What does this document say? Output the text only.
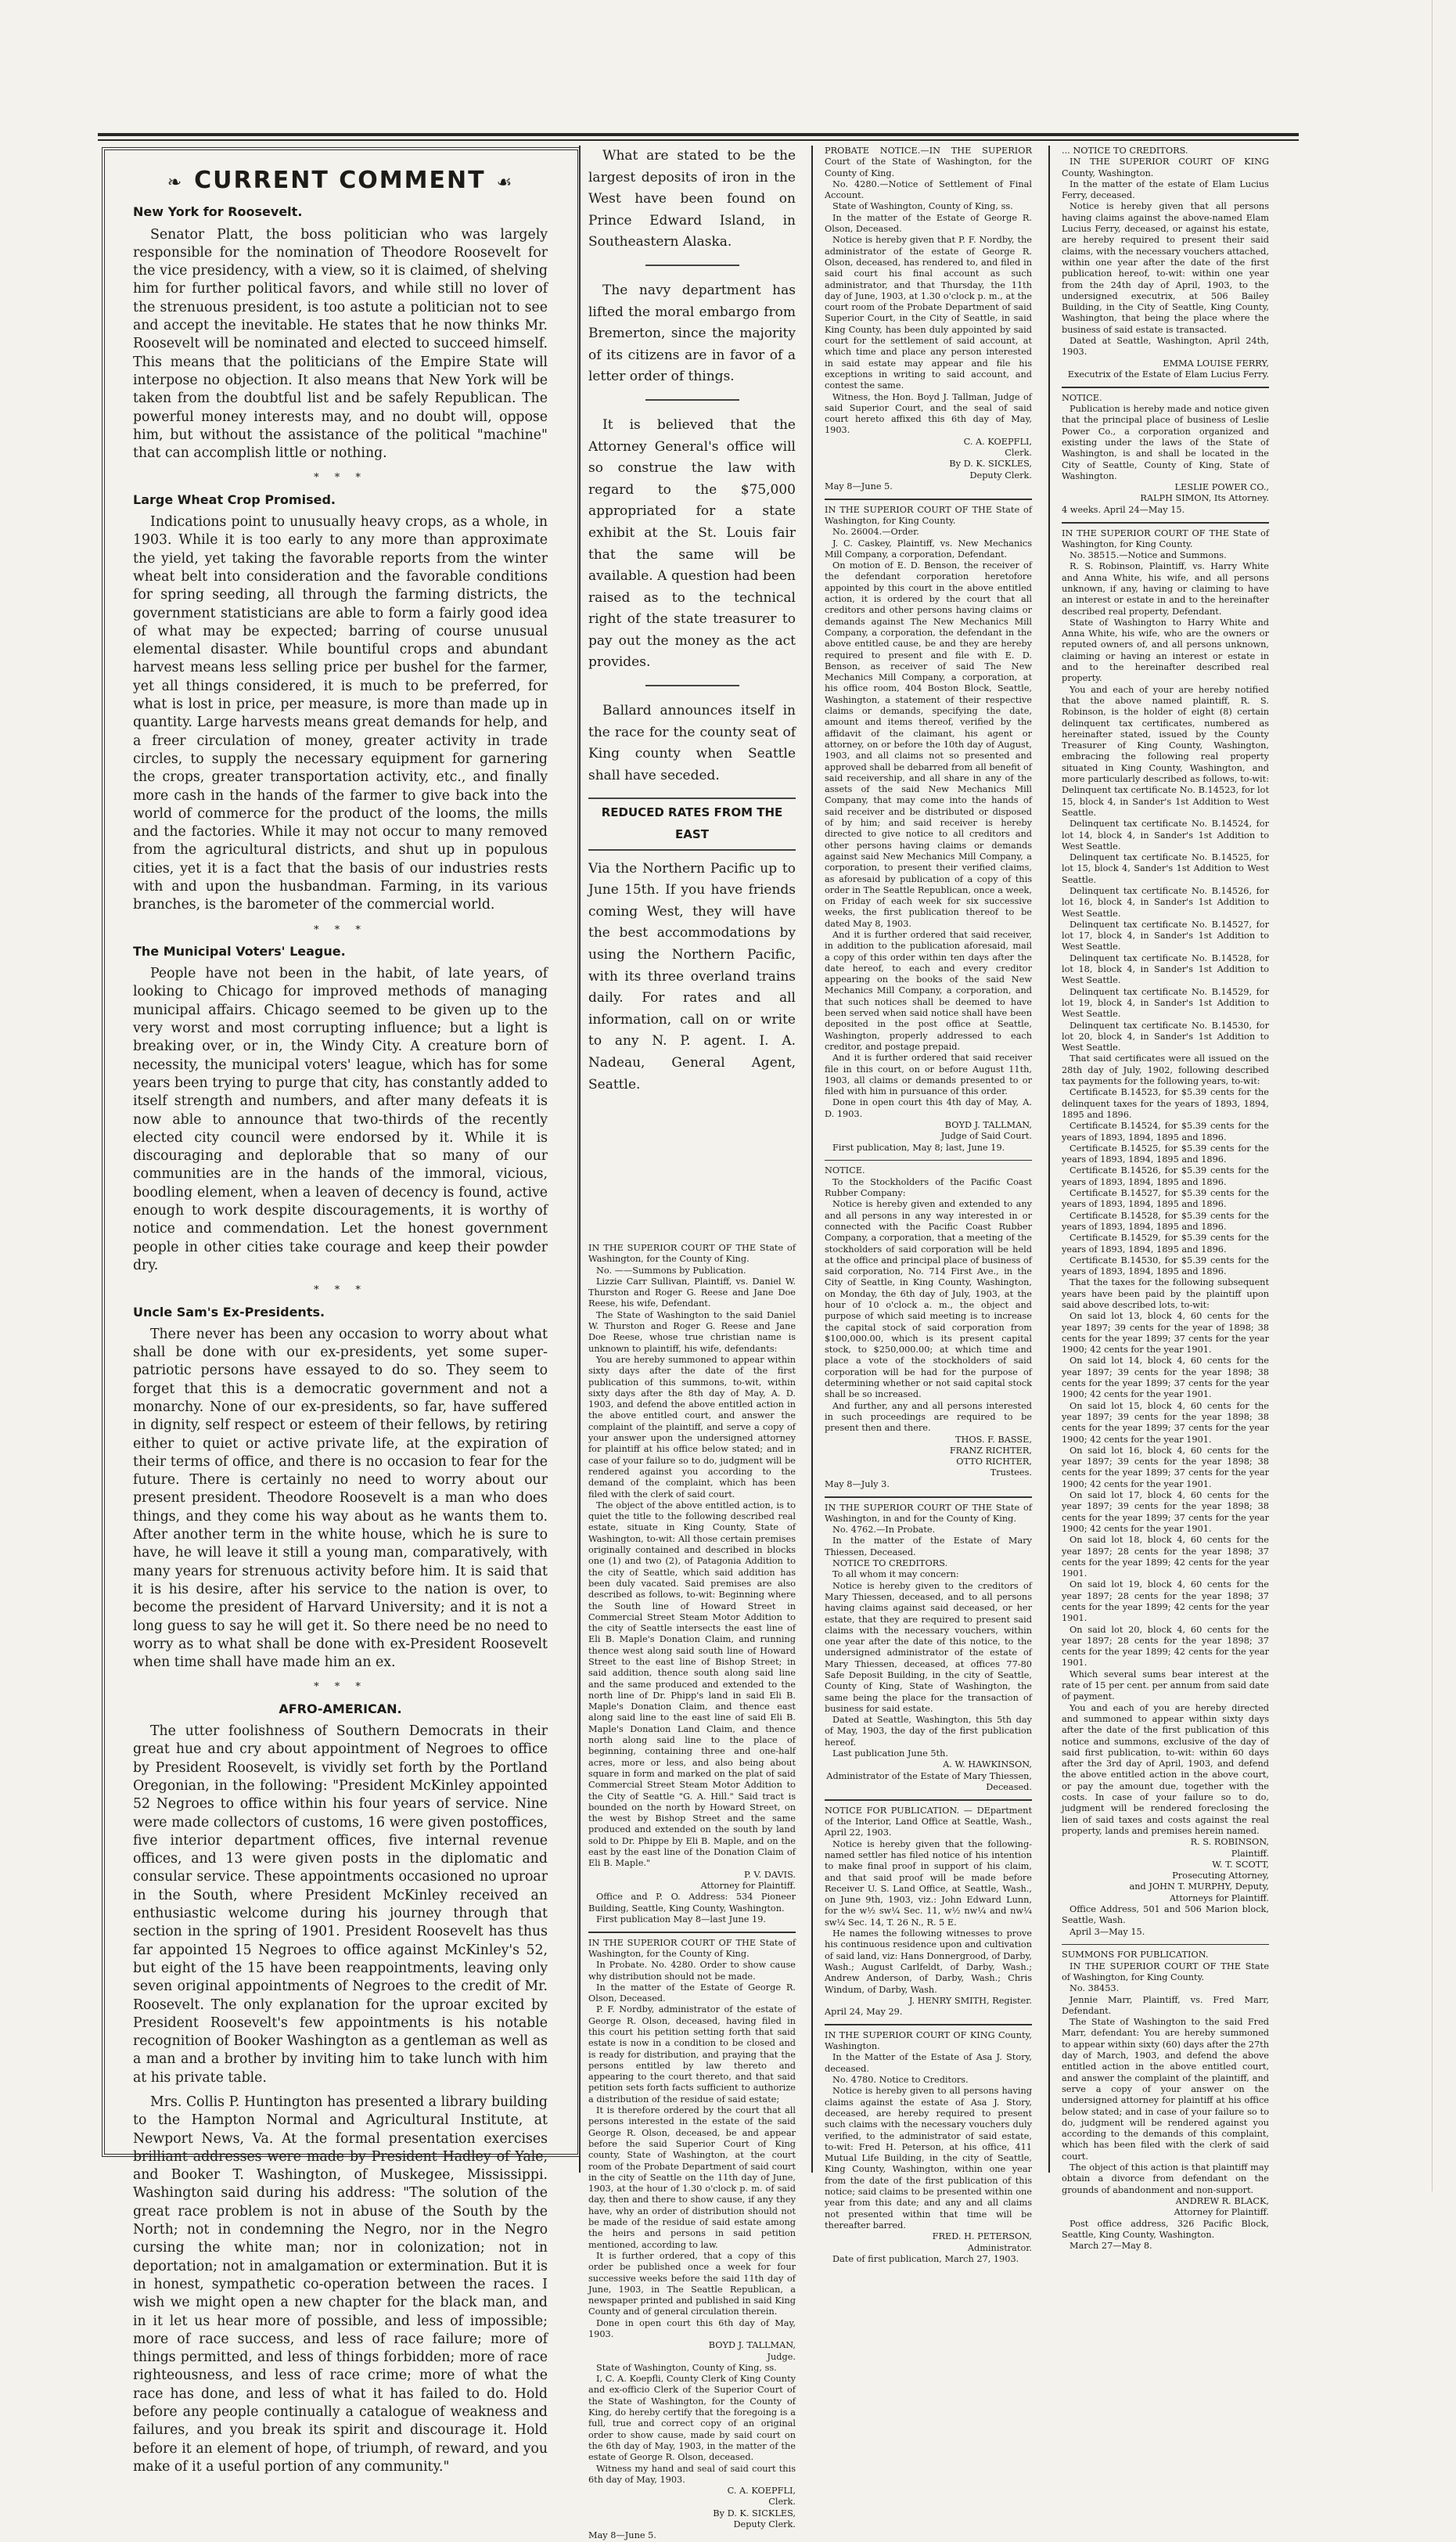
❧ CURRENT COMMENT ☙
New York for Roosevelt.

Senator Platt, the boss politician who was largely responsible for the nomination of Theodore Roosevelt for the vice presidency, with a view, so it is claimed, of shelving him for further political favors, and while still no lover of the strenuous president, is too astute a politician not to see and accept the inevitable. He states that he now thinks Mr. Roosevelt will be nominated and elected to succeed himself. This means that the politicians of the Empire State will interpose no objection. It also means that New York will be taken from the doubtful list and be safely Republican. The powerful money interests may, and no doubt will, oppose him, but without the assistance of the political "machine" that can accomplish little or nothing.

* * *
Large Wheat Crop Promised.

Indications point to unusually heavy crops, as a whole, in 1903. While it is too early to any more than approximate the yield, yet taking the favorable reports from the winter wheat belt into consideration and the favorable conditions for spring seeding, all through the farming districts, the government statisticians are able to form a fairly good idea of what may be expected; barring of course unusual elemental disaster. While bountiful crops and abundant harvest means less selling price per bushel for the farmer, yet all things considered, it is much to be preferred, for what is lost in price, per measure, is more than made up in quantity. Large harvests means great demands for help, and a freer circulation of money, greater activity in trade circles, to supply the necessary equipment for garnering the crops, greater transportation activity, etc., and finally more cash in the hands of the farmer to give back into the world of commerce for the product of the looms, the mills and the factories. While it may not occur to many removed from the agricultural districts, and shut up in populous cities, yet it is a fact that the basis of our industries rests with and upon the husbandman. Farming, in its various branches, is the barometer of the commercial world.

* * *
The Municipal Voters' League.

People have not been in the habit, of late years, of looking to Chicago for improved methods of managing municipal affairs. Chicago seemed to be given up to the very worst and most corrupting influence; but a light is breaking over, or in, the Windy City. A creature born of necessity, the municipal voters' league, which has for some years been trying to purge that city, has constantly added to itself strength and numbers, and after many defeats it is now able to announce that two-thirds of the recently elected city council were endorsed by it. While it is discouraging and deplorable that so many of our communities are in the hands of the immoral, vicious, boodling element, when a leaven of decency is found, active enough to work despite discouragements, it is worthy of notice and commendation. Let the honest government people in other cities take courage and keep their powder dry.

* * *
Uncle Sam's Ex-Presidents.

There never has been any occasion to worry about what shall be done with our ex-presidents, yet some super-patriotic persons have essayed to do so. They seem to forget that this is a democratic government and not a monarchy. None of our ex-presidents, so far, have suffered in dignity, self respect or esteem of their fellows, by retiring either to quiet or active private life, at the expiration of their terms of office, and there is no occasion to fear for the future. There is certainly no need to worry about our present president. Theodore Roosevelt is a man who does things, and they come his way about as he wants them to. After another term in the white house, which he is sure to have, he will leave it still a young man, comparatively, with many years for strenuous activity before him. It is said that it is his desire, after his service to the nation is over, to become the president of Harvard University; and it is not a long guess to say he will get it. So there need be no need to worry as to what shall be done with ex-President Roosevelt when time shall have made him an ex.

* * *
AFRO-AMERICAN.

The utter foolishness of Southern Democrats in their great hue and cry about appointment of Negroes to office by President Roosevelt, is vividly set forth by the Portland Oregonian, in the following: "President McKinley appointed 52 Negroes to office within his four years of service. Nine were made collectors of customs, 16 were given postoffices, five interior department offices, five internal revenue offices, and 13 were given posts in the diplomatic and consular service. These appointments occasioned no uproar in the South, where President McKinley received an enthusiastic welcome during his journey through that section in the spring of 1901. President Roosevelt has thus far appointed 15 Negroes to office against McKinley's 52, but eight of the 15 have been reappointments, leaving only seven original appointments of Negroes to the credit of Mr. Roosevelt. The only explanation for the uproar excited by President Roosevelt's few appointments is his notable recognition of Booker Washington as a gentleman as well as a man and a brother by inviting him to take lunch with him at his private table.

Mrs. Collis P. Huntington has presented a library building to the Hampton Normal and Agricultural Institute, at Newport News, Va. At the formal presentation exercises brilliant addresses were made by President Hadley of Yale, and Booker T. Washington, of Muskegee, Mississippi. Washington said during his address: "The solution of the great race problem is not in abuse of the South by the North; not in condemning the Negro, nor in the Negro cursing the white man; nor in colonization; not in deportation; not in amalgamation or extermination. But it is in honest, sympathetic co-operation between the races. I wish we might open a new chapter for the black man, and in it let us hear more of possible, and less of impossible; more of race success, and less of race failure; more of things permitted, and less of things forbidden; more of race righteousness, and less of race crime; more of what the race has done, and less of what it has failed to do. Hold before any people continually a catalogue of weakness and failures, and you break its spirit and discourage it. Hold before it an element of hope, of triumph, of reward, and you make of it a useful portion of any community."

What are stated to be the largest deposits of iron in the West have been found on Prince Edward Island, in Southeastern Alaska.

The navy department has lifted the moral embargo from Bremerton, since the majority of its citizens are in favor of a letter order of things.

It is believed that the Attorney General's office will so construe the law with regard to the $75,000 appropriated for a state exhibit at the St. Louis fair that the same will be available. A question had been raised as to the technical right of the state treasurer to pay out the money as the act provides.

Ballard announces itself in the race for the county seat of King county when Seattle shall have seceded.

REDUCED RATES FROM THE EAST

Via the Northern Pacific up to June 15th. If you have friends coming West, they will have the best accommodations by using the Northern Pacific, with its three overland trains daily. For rates and all information, call on or write to any N. P. agent. I. A. Nadeau, General Agent, Seattle.

IN THE SUPERIOR COURT OF THE State of Washington, for the County of King.

No. ——Summons by Publication.

Lizzie Carr Sullivan, Plaintiff, vs. Daniel W. Thurston and Roger G. Reese and Jane Doe Reese, his wife, Defendant.

The State of Washington to the said Daniel W. Thurston and Roger G. Reese and Jane Doe Reese, whose true christian name is unknown to plaintiff, his wife, defendants:

You are hereby summoned to appear within sixty days after the date of the first publication of this summons, to-wit, within sixty days after the 8th day of May, A. D. 1903, and defend the above entitled action in the above entitled court, and answer the complaint of the plaintiff, and serve a copy of your answer upon the undersigned attorney for plaintiff at his office below stated; and in case of your failure so to do, judgment will be rendered against you according to the demand of the complaint, which has been filed with the clerk of said court.

The object of the above entitled action, is to quiet the title to the following described real estate, situate in King County, State of Washington, to-wit: All those certain premises originally contained and described in blocks one (1) and two (2), of Patagonia Addition to the city of Seattle, which said addition has been duly vacated. Said premises are also described as follows, to-wit: Beginning where the South line of Howard Street in Commercial Street Steam Motor Addition to the city of Seattle intersects the east line of Eli B. Maple's Donation Claim, and running thence west along said south line of Howard Street to the east line of Bishop Street; in said addition, thence south along said line and the same produced and extended to the north line of Dr. Phipp's land in said Eli B. Maple's Donation Claim, and thence east along said line to the east line of said Eli B. Maple's Donation Land Claim, and thence north along said line to the place of beginning, containing three and one-half acres, more or less, and also being about square in form and marked on the plat of said Commercial Street Steam Motor Addition to the City of Seattle "G. A. Hill." Said tract is bounded on the north by Howard Street, on the west by Bishop Street and the same produced and extended on the south by land sold to Dr. Phippe by Eli B. Maple, and on the east by the east line of the Donation Claim of Eli B. Maple."

P. V. DAVIS.

Attorney for Plaintiff.

Office and P. O. Address: 534 Pioneer Building, Seattle, King County, Washington.

First publication May 8—last June 19.

IN THE SUPERIOR COURT OF THE State of Washington, for the County of King.

In Probate. No. 4280. Order to show cause why distribution should not be made.

In the matter of the Estate of George R. Olson, Deceased.

P. F. Nordby, administrator of the estate of George R. Olson, deceased, having filed in this court his petition setting forth that said estate is now in a condition to be closed and is ready for distribution, and praying that the persons entitled by law thereto and appearing to the court thereto, and that said petition sets forth facts sufficient to authorize a distribution of the residue of said estate;

It is therefore ordered by the court that all persons interested in the estate of the said George R. Olson, deceased, be and appear before the said Superior Court of King county, State of Washington, at the court room of the Probate Department of said court in the city of Seattle on the 11th day of June, 1903, at the hour of 1.30 o'clock p. m. of said day, then and there to show cause, if any they have, why an order of distribution should not be made of the residue of said estate among the heirs and persons in said petition mentioned, according to law.

It is further ordered, that a copy of this order be published once a week for four successive weeks before the said 11th day of June, 1903, in The Seattle Republican, a newspaper printed and published in said King County and of general circulation therein.

Done in open court this 6th day of May, 1903.

BOYD J. TALLMAN,

Judge.

State of Washington, County of King, ss.

I, C. A. Koepfli, County Clerk of King County and ex-officio Clerk of the Superior Court of the State of Washington, for the County of King, do hereby certify that the foregoing is a full, true and correct copy of an original order to show cause, made by said court on the 6th day of May, 1903, in the matter of the estate of George R. Olson, deceased.

Witness my hand and seal of said court this 6th day of May, 1903.

C. A. KOEPFLI,

Clerk.

By D. K. SICKLES,

Deputy Clerk.

May 8—June 5.

PROBATE NOTICE.—IN THE SUPERIOR Court of the State of Washington, for the County of King.

No. 4280.—Notice of Settlement of Final Account.

State of Washington, County of King, ss.

In the matter of the Estate of George R. Olson, Deceased.

Notice is hereby given that P. F. Nordby, the administrator of the estate of George R. Olson, deceased, has rendered to, and filed in said court his final account as such administrator, and that Thursday, the 11th day of June, 1903, at 1.30 o'clock p. m., at the court room of the Probate Department of said Superior Court, in the City of Seattle, in said King County, has been duly appointed by said court for the settlement of said account, at which time and place any person interested in said estate may appear and file his exceptions in writing to said account, and contest the same.

Witness, the Hon. Boyd J. Tallman, Judge of said Superior Court, and the seal of said court hereto affixed this 6th day of May, 1903.

C. A. KOEPFLI,

Clerk.

By D. K. SICKLES,

Deputy Clerk.

May 8—June 5.

IN THE SUPERIOR COURT OF THE State of Washington, for King County.

No. 26004.—Order.

J. C. Caskey, Plaintiff, vs. New Mechanics Mill Company, a corporation, Defendant.

On motion of E. D. Benson, the receiver of the defendant corporation heretofore appointed by this court in the above entitled action, it is ordered by the court that all creditors and other persons having claims or demands against The New Mechanics Mill Company, a corporation, the defendant in the above entitled cause, be and they are hereby required to present and file with E. D. Benson, as receiver of said The New Mechanics Mill Company, a corporation, at his office room, 404 Boston Block, Seattle, Washington, a statement of their respective claims or demands, specifying the date, amount and items thereof, verified by the affidavit of the claimant, his agent or attorney, on or before the 10th day of August, 1903, and all claims not so presented and approved shall be debarred from all benefit of said receivership, and all share in any of the assets of the said New Mechanics Mill Company, that may come into the hands of said receiver and be distributed or disposed of by him; and said receiver is hereby directed to give notice to all creditors and other persons having claims or demands against said New Mechanics Mill Company, a corporation, to present their verified claims, as aforesaid by publication of a copy of this order in The Seattle Republican, once a week, on Friday of each week for six successive weeks, the first publication thereof to be dated May 8, 1903.

And it is further ordered that said receiver, in addition to the publication aforesaid, mail a copy of this order within ten days after the date hereof, to each and every creditor appearing on the books of the said New Mechanics Mill Company, a corporation, and that such notices shall be deemed to have been served when said notice shall have been deposited in the post office at Seattle, Washington, properly addressed to each creditor, and postage prepaid.

And it is further ordered that said receiver file in this court, on or before August 11th, 1903, all claims or demands presented to or filed with him in pursuance of this order.

Done in open court this 4th day of May, A. D. 1903.

BOYD J. TALLMAN,

Judge of Said Court.

First publication, May 8; last, June 19.

NOTICE.

To the Stockholders of the Pacific Coast Rubber Company:

Notice is hereby given and extended to any and all persons in any way interested in or connected with the Pacific Coast Rubber Company, a corporation, that a meeting of the stockholders of said corporation will be held at the office and principal place of business of said corporation, No. 714 First Ave., in the City of Seattle, in King County, Washington, on Monday, the 6th day of July, 1903, at the hour of 10 o'clock a. m., the object and purpose of which said meeting is to increase the capital stock of said corporation from $100,000.00, which is its present capital stock, to $250,000.00; at which time and place a vote of the stockholders of said corporation will be had for the purpose of determining whether or not said capital stock shall be so increased.

And further, any and all persons interested in such proceedings are required to be present then and there.

THOS. F. BASSE,

FRANZ RICHTER,

OTTO RICHTER,

Trustees.

May 8—July 3.

IN THE SUPERIOR COURT OF THE State of Washington, in and for the County of King.

No. 4762.—In Probate.

In the matter of the Estate of Mary Thiessen, Deceased.

NOTICE TO CREDITORS.

To all whom it may concern:

Notice is hereby given to the creditors of Mary Thiessen, deceased, and to all persons having claims against said deceased, or her estate, that they are required to present said claims with the necessary vouchers, within one year after the date of this notice, to the undersigned administrator of the estate of Mary Thiessen, deceased, at offices 77-80 Safe Deposit Building, in the city of Seattle, County of King, State of Washington, the same being the place for the transaction of business for said estate.

Dated at Seattle, Washington, this 5th day of May, 1903, the day of the first publication hereof.

Last publication June 5th.

A. W. HAWKINSON,

Administrator of the Estate of Mary Thiessen, Deceased.

NOTICE FOR PUBLICATION. — DEpartment of the Interior, Land Office at Seattle, Wash., April 22, 1903.

Notice is hereby given that the following-named settler has filed notice of his intention to make final proof in support of his claim, and that said proof will be made before Receiver U. S. Land Office, at Seattle, Wash., on June 9th, 1903, viz.: John Edward Lunn, for the w½ sw¼ Sec. 11, w½ nw¼ and nw¼ sw¼ Sec. 14, T. 26 N., R. 5 E.

He names the following witnesses to prove his continuous residence upon and cultivation of said land, viz: Hans Donnergrood, of Darby, Wash.; August Carlfeldt, of Darby, Wash.; Andrew Anderson, of Darby, Wash.; Chris Windum, of Darby, Wash.

J. HENRY SMITH, Register.

April 24, May 29.

IN THE SUPERIOR COURT OF KING County, Washington.

In the Matter of the Estate of Asa J. Story, deceased.

No. 4780. Notice to Creditors.

Notice is hereby given to all persons having claims against the estate of Asa J. Story, deceased, are hereby required to present such claims with the necessary vouchers duly verified, to the administrator of said estate, to-wit: Fred H. Peterson, at his office, 411 Mutual Life Building, in the city of Seattle, King County, Washington, within one year from the date of the first publication of this notice; said claims to be presented within one year from this date; and any and all claims not presented within that time will be thereafter barred.

FRED. H. PETERSON,

Administrator.

Date of first publication, March 27, 1903.

... NOTICE TO CREDITORS.

IN THE SUPERIOR COURT OF KING County, Washington.

In the matter of the estate of Elam Lucius Ferry, deceased.

Notice is hereby given that all persons having claims against the above-named Elam Lucius Ferry, deceased, or against his estate, are hereby required to present their said claims, with the necessary vouchers attached, within one year after the date of the first publication hereof, to-wit: within one year from the 24th day of April, 1903, to the undersigned executrix, at 506 Bailey Building, in the City of Seattle, King County, Washington, that being the place where the business of said estate is transacted.

Dated at Seattle, Washington, April 24th, 1903.

EMMA LOUISE FERRY,

Executrix of the Estate of Elam Lucius Ferry.

NOTICE.

Publication is hereby made and notice given that the principal place of business of Leslie Power Co., a corporation organized and existing under the laws of the State of Washington, is and shall be located in the City of Seattle, County of King, State of Washington.

LESLIE POWER CO.,

RALPH SIMON, Its Attorney.

4 weeks. April 24—May 15.

IN THE SUPERIOR COURT OF THE State of Washington, for King County.

No. 38515.—Notice and Summons.

R. S. Robinson, Plaintiff, vs. Harry White and Anna White, his wife, and all persons unknown, if any, having or claiming to have an interest or estate in and to the hereinafter described real property, Defendant.

State of Washington to Harry White and Anna White, his wife, who are the owners or reputed owners of, and all persons unknown, claiming or having an interest or estate in and to the hereinafter described real property.

You and each of your are hereby notified that the above named plaintiff, R. S. Robinson, is the holder of eight (8) certain delinquent tax certificates, numbered as hereinafter stated, issued by the County Treasurer of King County, Washington, embracing the following real property situated in King County, Washington, and more particularly described as follows, to-wit: Delinquent tax certificate No. B.14523, for lot 15, block 4, in Sander's 1st Addition to West Seattle.

Delinquent tax certificate No. B.14524, for lot 14, block 4, in Sander's 1st Addition to West Seattle.

Delinquent tax certificate No. B.14525, for lot 15, block 4, Sander's 1st Addition to West Seattle.

Delinquent tax certificate No. B.14526, for lot 16, block 4, in Sander's 1st Addition to West Seattle.

Delinquent tax certificate No. B.14527, for lot 17, block 4, in Sander's 1st Addition to West Seattle.

Delinquent tax certificate No. B.14528, for lot 18, block 4, in Sander's 1st Addition to West Seattle.

Delinquent tax certificate No. B.14529, for lot 19, block 4, in Sander's 1st Addition to West Seattle.

Delinquent tax certificate No. B.14530, for lot 20, block 4, in Sander's 1st Addition to West Seattle.

That said certificates were all issued on the 28th day of July, 1902, following described tax payments for the following years, to-wit:

Certificate B.14523, for $5.39 cents for the delinquent taxes for the years of 1893, 1894, 1895 and 1896.

Certificate B.14524, for $5.39 cents for the years of 1893, 1894, 1895 and 1896.

Certificate B.14525, for $5.39 cents for the years of 1893, 1894, 1895 and 1896.

Certificate B.14526, for $5.39 cents for the years of 1893, 1894, 1895 and 1896.

Certificate B.14527, for $5.39 cents for the years of 1893, 1894, 1895 and 1896.

Certificate B.14528, for $5.39 cents for the years of 1893, 1894, 1895 and 1896.

Certificate B.14529, for $5.39 cents for the years of 1893, 1894, 1895 and 1896.

Certificate B.14530, for $5.39 cents for the years of 1893, 1894, 1895 and 1896.

That the taxes for the following subsequent years have been paid by the plaintiff upon said above described lots, to-wit:

On said lot 13, block 4, 60 cents for the year 1897; 39 cents for the year of 1898; 38 cents for the year 1899; 37 cents for the year 1900; 42 cents for the year 1901.

On said lot 14, block 4, 60 cents for the year 1897; 39 cents for the year 1898; 38 cents for the year 1899; 37 cents for the year 1900; 42 cents for the year 1901.

On said lot 15, block 4, 60 cents for the year 1897; 39 cents for the year 1898; 38 cents for the year 1899; 37 cents for the year 1900; 42 cents for the year 1901.

On said lot 16, block 4, 60 cents for the year 1897; 39 cents for the year 1898; 38 cents for the year 1899; 37 cents for the year 1900; 42 cents for the year 1901.

On said lot 17, block 4, 60 cents for the year 1897; 39 cents for the year 1898; 38 cents for the year 1899; 37 cents for the year 1900; 42 cents for the year 1901.

On said lot 18, block 4, 60 cents for the year 1897; 28 cents for the year 1898; 37 cents for the year 1899; 42 cents for the year 1901.

On said lot 19, block 4, 60 cents for the year 1897; 28 cents for the year 1898; 37 cents for the year 1899; 42 cents for the year 1901.

On said lot 20, block 4, 60 cents for the year 1897; 28 cents for the year 1898; 37 cents for the year 1899; 42 cents for the year 1901.

Which several sums bear interest at the rate of 15 per cent. per annum from said date of payment.

You and each of you are hereby directed and summoned to appear within sixty days after the date of the first publication of this notice and summons, exclusive of the day of said first publication, to-wit: within 60 days after the 3rd day of April, 1903, and defend the above entitled action in the above court, or pay the amount due, together with the costs. In case of your failure so to do, judgment will be rendered foreclosing the lien of said taxes and costs against the real property, lands and premises herein named.

R. S. ROBINSON,

Plaintiff.

W. T. SCOTT,

Prosecuting Attorney,

and JOHN T. MURPHY, Deputy,

Attorneys for Plaintiff.

Office Address, 501 and 506 Marion block, Seattle, Wash.

April 3—May 15.

SUMMONS FOR PUBLICATION.

IN THE SUPERIOR COURT OF THE State of Washington, for King County.

No. 38453.

Jennie Marr, Plaintiff, vs. Fred Marr, Defendant.

The State of Washington to the said Fred Marr, defendant: You are hereby summoned to appear within sixty (60) days after the 27th day of March, 1903, and defend the above entitled action in the above entitled court, and answer the complaint of the plaintiff, and serve a copy of your answer on the undersigned attorney for plaintiff at his office below stated; and in case of your failure so to do, judgment will be rendered against you according to the demands of this complaint, which has been filed with the clerk of said court.

The object of this action is that plaintiff may obtain a divorce from defendant on the grounds of abandonment and non-support.

ANDREW R. BLACK,

Attorney for Plaintiff.

Post office address, 326 Pacific Block, Seattle, King County, Washington.

March 27—May 8.
